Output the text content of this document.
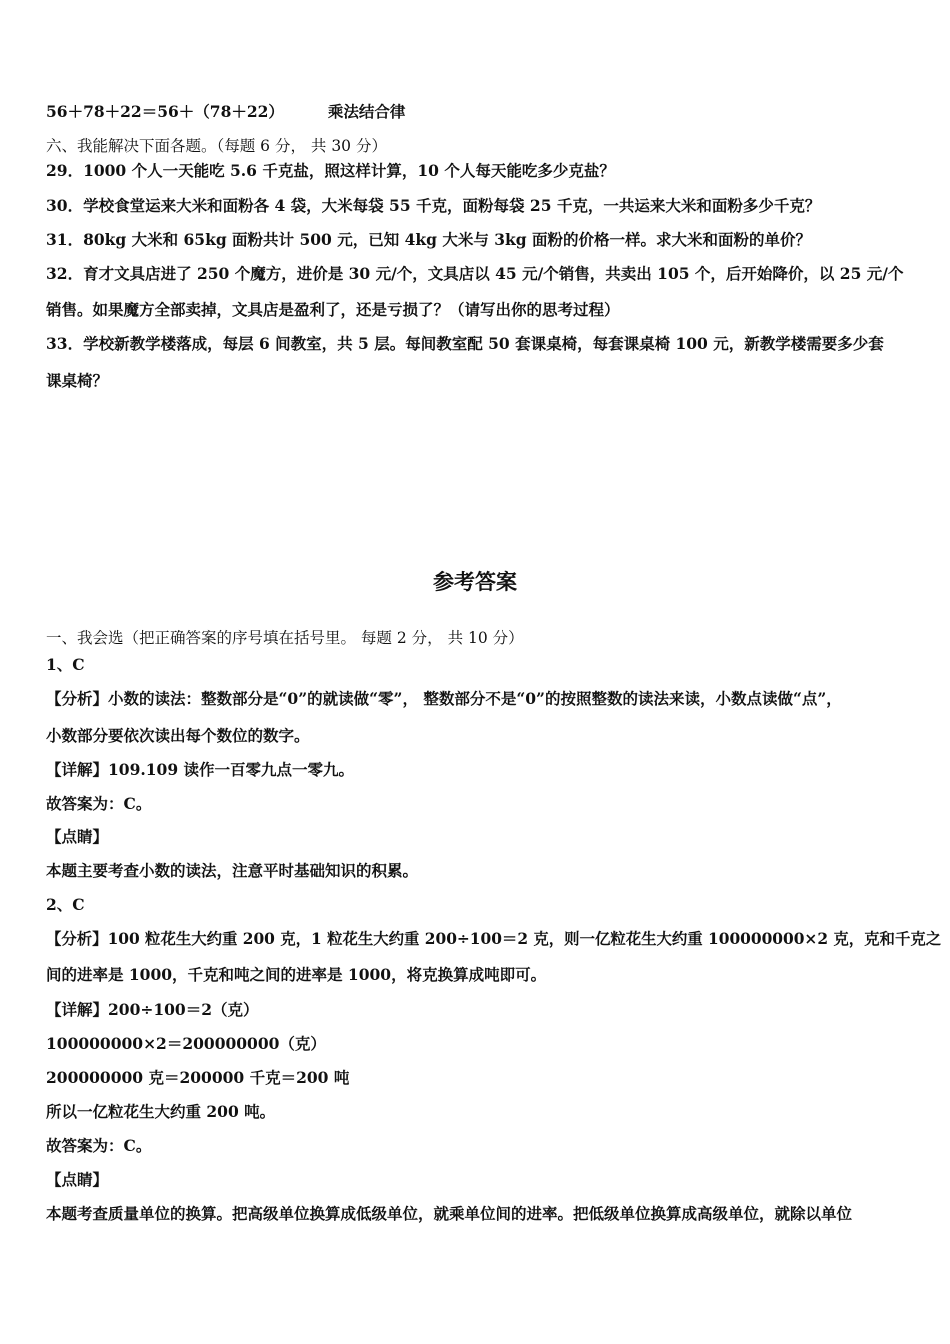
56＋78＋22＝56＋（78＋22）	乘法结合律
六、我能解决下面各题。（每题 6 分， 共 30 分）
29．1000 个人一天能吃 5.6 千克盐，照这样计算，10 个人每天能吃多少克盐？
30．学校食堂运来大米和面粉各 4 袋，大米每袋 55 千克，面粉每袋 25 千克，一共运来大米和面粉多少千克？
31．80kg 大米和 65kg 面粉共计 500 元，已知 4kg 大米与 3kg 面粉的价格一样。求大米和面粉的单价？
32．育才文具店进了 250 个魔方，进价是 30 元/个，文具店以 45 元/个销售，共卖出 105 个，后开始降价，以 25 元/个
销售。如果魔方全部卖掉，文具店是盈利了，还是亏损了？（请写出你的思考过程）
33．学校新教学楼落成，每层 6 间教室，共 5 层。每间教室配 50 套课桌椅，每套课桌椅 100 元，新教学楼需要多少套
课桌椅？
参考答案
一、我会选（把正确答案的序号填在括号里。 每题 2 分， 共 10 分）
1、C
【分析】小数的读法：整数部分是“0”的就读做“零”， 整数部分不是“0”的按照整数的读法来读，小数点读做“点”，
小数部分要依次读出每个数位的数字。
【详解】109.109 读作一百零九点一零九。
故答案为：C。
【点睛】
本题主要考查小数的读法，注意平时基础知识的积累。
2、C
【分析】100 粒花生大约重 200 克，1 粒花生大约重 200÷100＝2 克，则一亿粒花生大约重 100000000×2 克，克和千克之
间的进率是 1000，千克和吨之间的进率是 1000，将克换算成吨即可。
【详解】200÷100＝2（克）
100000000×2＝200000000（克）
200000000 克＝200000 千克＝200 吨
所以一亿粒花生大约重 200 吨。
故答案为：C。
【点睛】
本题考查质量单位的换算。把高级单位换算成低级单位，就乘单位间的进率。把低级单位换算成高级单位，就除以单位
